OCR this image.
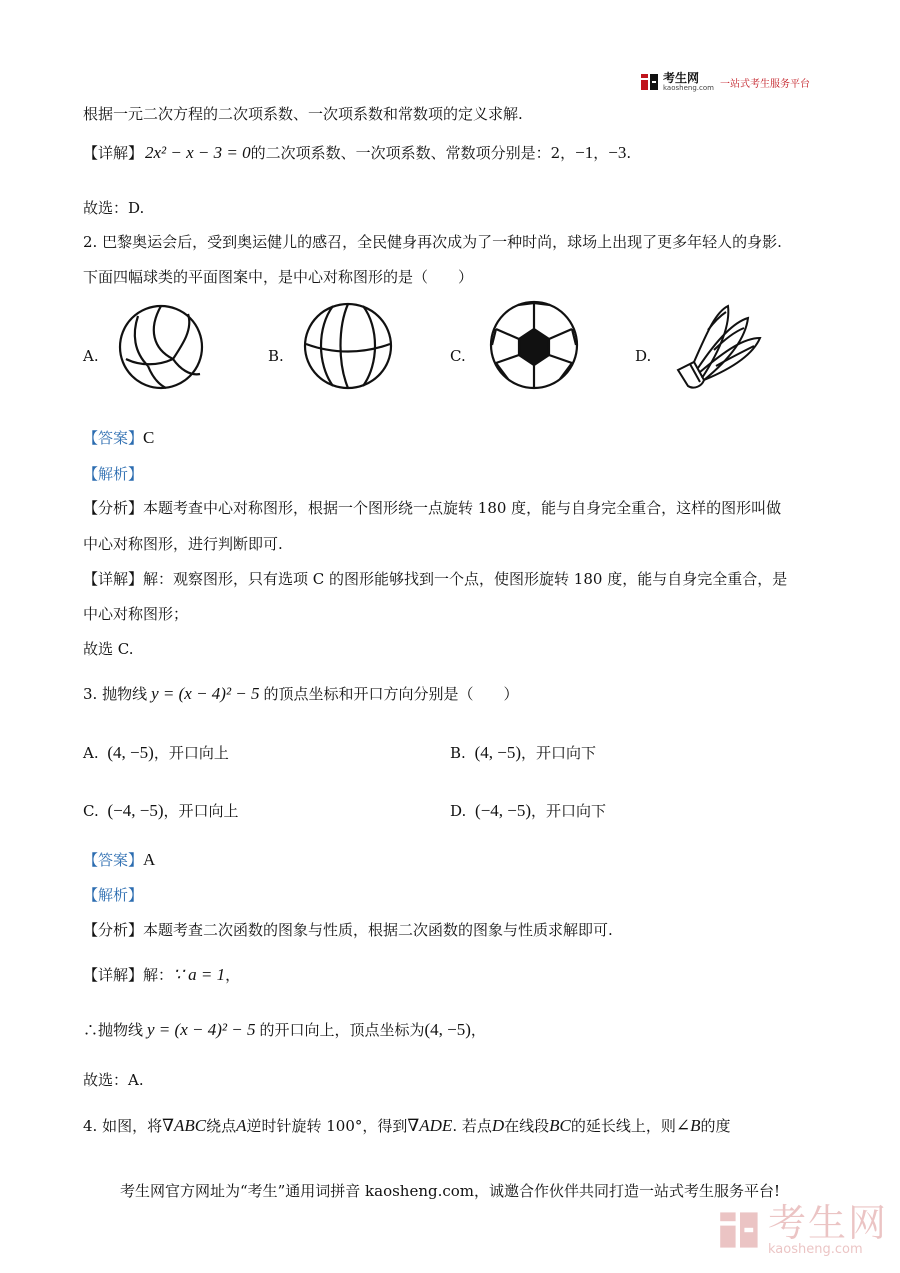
考生网
kaosheng.com 一站式考生服务平台
根据一元二次方程的二次项系数、一次项系数和常数项的定义求解.
【详解】 2x² − x − 3 = 0的二次项系数、一次项系数、常数项分别是：2，−1，−3.
故选：D.
2. 巴黎奥运会后，受到奥运健儿的感召，全民健身再次成为了一种时尚，球场上出现了更多年轻人的身影.
下面四幅球类的平面图案中，是中心对称图形的是（　　）
A.	B.	C.	D.
【答案】C
【解析】
【分析】本题考查中心对称图形，根据一个图形绕一点旋转 180 度，能与自身完全重合，这样的图形叫做
中心对称图形，进行判断即可.
【详解】解：观察图形，只有选项 C 的图形能够找到一个点，使图形旋转 180 度，能与自身完全重合，是
中心对称图形；
故选 C.
3. 抛物线 y = (x − 4)² − 5 的顶点坐标和开口方向分别是（　　）
A. (4, −5)，开口向上	B. (4, −5)，开口向下
C. (−4, −5)，开口向上	D. (−4, −5)，开口向下
【答案】A
【解析】
【分析】本题考查二次函数的图象与性质，根据二次函数的图象与性质求解即可.
【详解】解：∵ a = 1，
∴抛物线 y = (x − 4)² − 5 的开口向上，顶点坐标为(4, −5)，
故选：A.
4. 如图，将∇ABC绕点A逆时针旋转 100°，得到∇ADE. 若点D在线段BC的延长线上，则∠B的度
考生网官方网址为“考生”通用词拼音 kaosheng.com，诚邀合作伙伴共同打造一站式考生服务平台!
考生网
kaosheng.com
